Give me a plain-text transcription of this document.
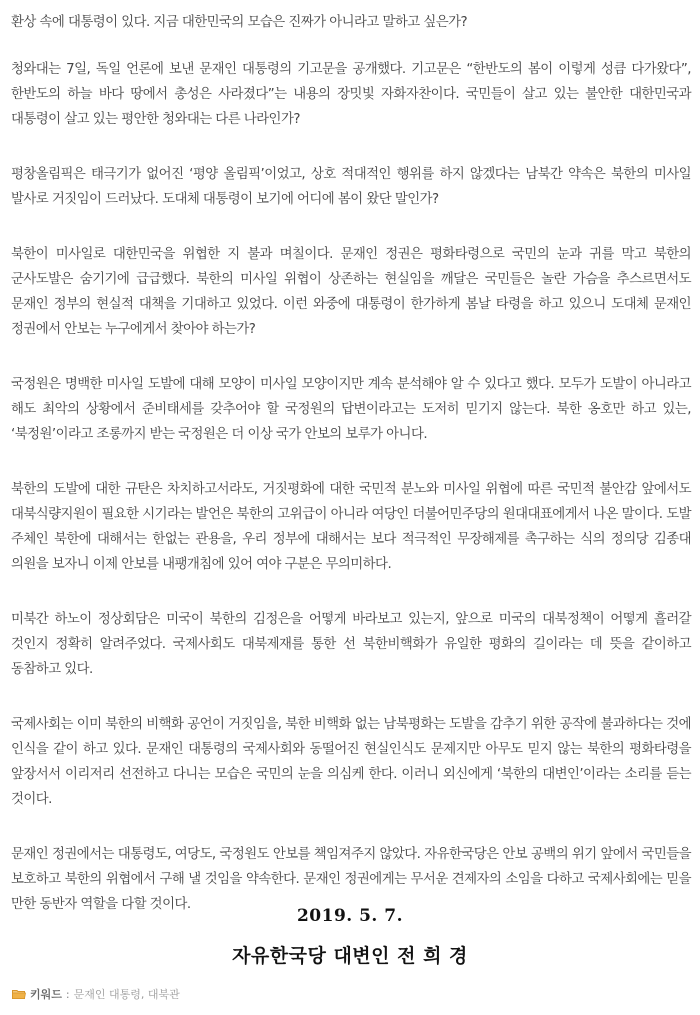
환상 속에 대통령이 있다. 지금 대한민국의 모습은 진짜가 아니라고 말하고 싶은가?

청와대는 7일, 독일 언론에 보낸 문재인 대통령의 기고문을 공개했다. 기고문은 “한반도의 봄이 이렇게 성큼 다가왔다”, 한반도의 하늘 바다 땅에서 총성은 사라졌다”는 내용의 장밋빛 자화자찬이다. 국민들이 살고 있는 불안한 대한민국과 대통령이 살고 있는 평안한 청와대는 다른 나라인가?

평창올림픽은 태극기가 없어진 ‘평양 올림픽’이었고, 상호 적대적인 행위를 하지 않겠다는 남북간 약속은 북한의 미사일 발사로 거짓임이 드러났다. 도대체 대통령이 보기에 어디에 봄이 왔단 말인가?

북한이 미사일로 대한민국을 위협한 지 불과 며칠이다. 문재인 정권은 평화타령으로 국민의 눈과 귀를 막고 북한의 군사도발은 숨기기에 급급했다. 북한의 미사일 위협이 상존하는 현실임을 깨달은 국민들은 놀란 가슴을 추스르면서도 문재인 정부의 현실적 대책을 기대하고 있었다. 이런 와중에 대통령이 한가하게 봄날 타령을 하고 있으니 도대체 문재인 정권에서 안보는 누구에게서 찾아야 하는가?

국정원은 명백한 미사일 도발에 대해 모양이 미사일 모양이지만 계속 분석해야 알 수 있다고 했다. 모두가 도발이 아니라고 해도 최악의 상황에서 준비태세를 갖추어야 할 국정원의 답변이라고는 도저히 믿기지 않는다. 북한 옹호만 하고 있는, ‘북정원’이라고 조롱까지 받는 국정원은 더 이상 국가 안보의 보루가 아니다.

북한의 도발에 대한 규탄은 차치하고서라도, 거짓평화에 대한 국민적 분노와 미사일 위협에 따른 국민적 불안감 앞에서도 대북식량지원이 필요한 시기라는 발언은 북한의 고위급이 아니라 여당인 더불어민주당의 원대대표에게서 나온 말이다. 도발 주체인 북한에 대해서는 한없는 관용을, 우리 정부에 대해서는 보다 적극적인 무장해제를 촉구하는 식의 정의당 김종대 의원을 보자니 이제 안보를 내팽개침에 있어 여야 구분은 무의미하다.

미북간 하노이 정상회담은 미국이 북한의 김정은을 어떻게 바라보고 있는지, 앞으로 미국의 대북정책이 어떻게 흘러갈 것인지 정확히 알려주었다. 국제사회도 대북제재를 통한 선 북한비핵화가 유일한 평화의 길이라는 데 뜻을 같이하고 동참하고 있다.

국제사회는 이미 북한의 비핵화 공언이 거짓임을, 북한 비핵화 없는 남북평화는 도발을 감추기 위한 공작에 불과하다는 것에 인식을 같이 하고 있다. 문재인 대통령의 국제사회와 동떨어진 현실인식도 문제지만 아무도 믿지 않는 북한의 평화타령을 앞장서서 이리저리 선전하고 다니는 모습은 국민의 눈을 의심케 한다. 이러니 외신에게 ‘북한의 대변인’이라는 소리를 듣는 것이다.

문재인 정권에서는 대통령도, 여당도, 국정원도 안보를 책임져주지 않았다. 자유한국당은 안보 공백의 위기 앞에서 국민들을 보호하고 북한의 위협에서 구해 낼 것임을 약속한다. 문재인 정권에게는 무서운 견제자의 소임을 다하고 국제사회에는 믿을 만한 동반자 역할을 다할 것이다.

2019. 5. 7.
자유한국당 대변인 전 희 경
키워드 : 문재인 대통령, 대북관
